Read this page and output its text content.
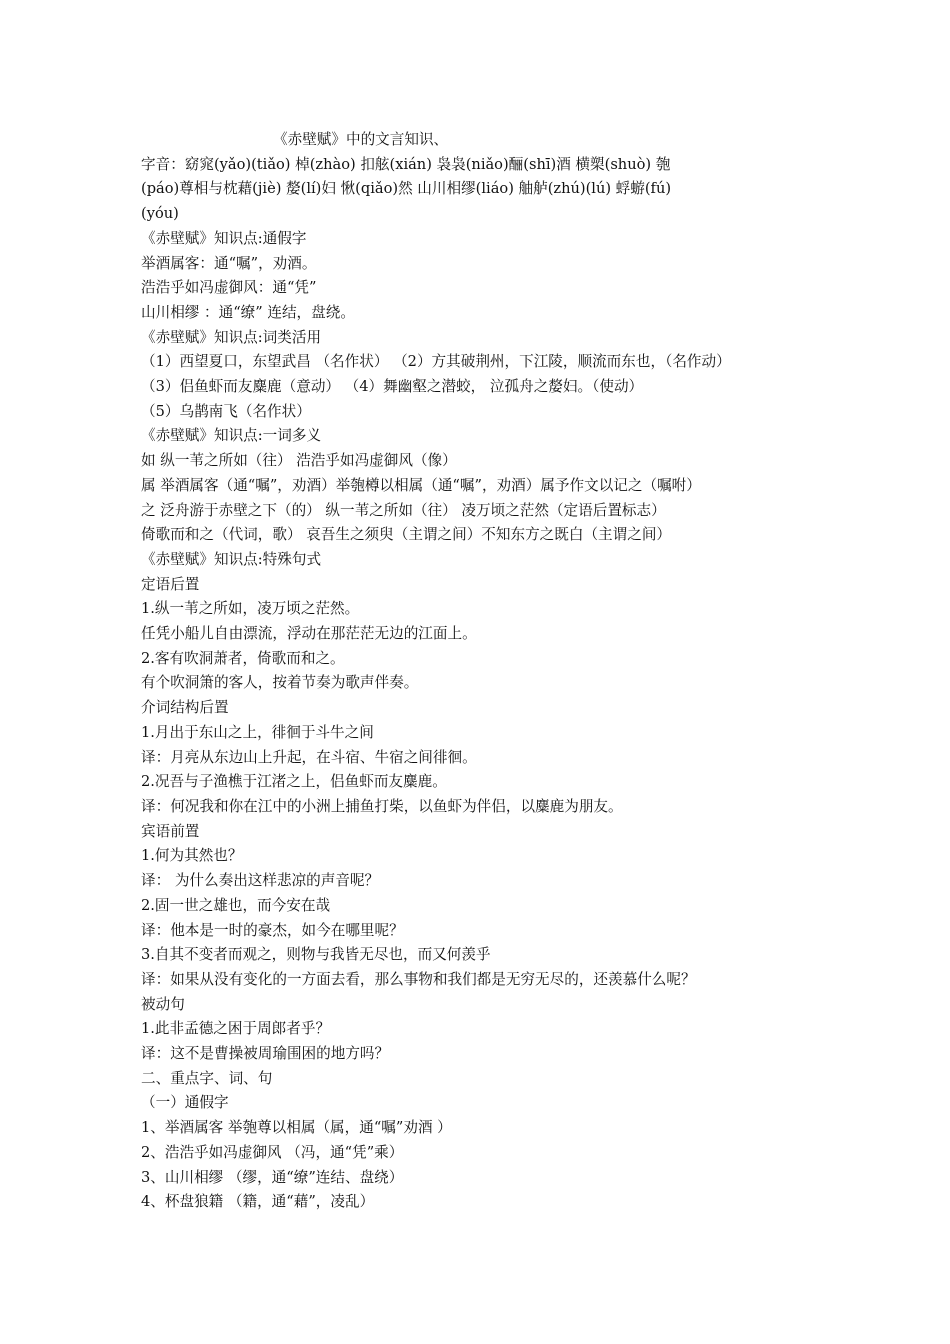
《赤壁赋》中的文言知识、
字音：窈窕(yǎo)(tiǎo) 棹(zhào) 扣舷(xián) 袅袅(niǎo)酾(shī)酒 横槊(shuò) 匏
(páo)尊相与枕藉(jiè) 嫠(lí)妇 愀(qiǎo)然 山川相缪(liáo) 舳舻(zhú)(lú) 蜉蝣(fú)
(yóu)
《赤壁赋》知识点:通假字
举酒属客：通“嘱”，劝酒。
浩浩乎如冯虚御风：通“凭”
山川相缪 ：通“缭” 连结，盘绕。
《赤壁赋》知识点:词类活用
（1）西望夏口，东望武昌 （名作状） （2）方其破荆州，下江陵，顺流而东也，（名作动）
（3）侣鱼虾而友麋鹿（意动） （4）舞幽壑之潜蛟， 泣孤舟之嫠妇。（使动）
（5）乌鹊南飞（名作状）
《赤壁赋》知识点:一词多义
如 纵一苇之所如（往） 浩浩乎如冯虚御风（像）
属 举酒属客（通“嘱”，劝酒）举匏樽以相属（通“嘱”，劝酒）属予作文以记之（嘱咐）
之 泛舟游于赤壁之下（的） 纵一苇之所如（往） 凌万顷之茫然（定语后置标志）
倚歌而和之（代词，歌） 哀吾生之须臾（主谓之间）不知东方之既白（主谓之间）
《赤壁赋》知识点:特殊句式
定语后置
1.纵一苇之所如，凌万顷之茫然。
任凭小船儿自由漂流，浮动在那茫茫无边的江面上。
2.客有吹洞萧者，倚歌而和之。
有个吹洞箫的客人，按着节奏为歌声伴奏。
介词结构后置
1.月出于东山之上，徘徊于斗牛之间
译：月亮从东边山上升起，在斗宿、牛宿之间徘徊。
2.况吾与子渔樵于江渚之上，侣鱼虾而友麋鹿。
译：何况我和你在江中的小洲上捕鱼打柴，以鱼虾为伴侣，以麋鹿为朋友。
宾语前置
1.何为其然也？
译： 为什么奏出这样悲凉的声音呢？
2.固一世之雄也，而今安在哉
译：他本是一时的豪杰，如今在哪里呢？
3.自其不变者而观之，则物与我皆无尽也，而又何羡乎
译：如果从没有变化的一方面去看，那么事物和我们都是无穷无尽的，还羡慕什么呢？
被动句
1.此非孟德之困于周郎者乎？
译：这不是曹操被周瑜围困的地方吗？
二、重点字、词、句
（一）通假字
1、举酒属客 举匏尊以相属（属，通“嘱”劝酒 ）
2、浩浩乎如冯虚御风 （冯，通“凭”乘）
3、山川相缪 （缪，通“缭”连结、盘绕）
4、杯盘狼籍 （籍，通“藉”，凌乱）
